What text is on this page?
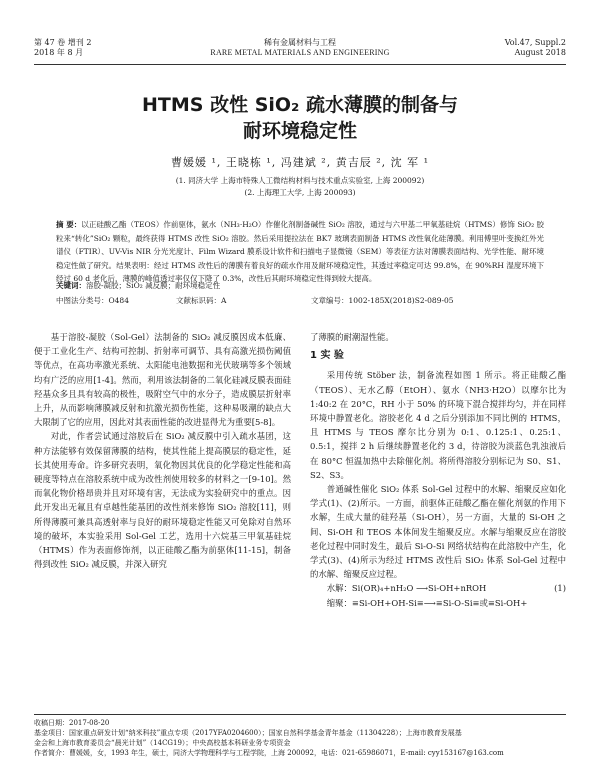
第 47 卷 增刊 2
2018 年 8 月
稀有金属材料与工程
RARE METAL MATERIALS AND ENGINEERING
Vol.47, Suppl.2
August 2018
HTMS 改性 SiO₂ 疏水薄膜的制备与
耐环境稳定性
曹媛媛 ¹, 王晓栋 ¹, 冯建斌 ², 黄吉辰 ², 沈 军 ¹
(1. 同济大学 上海市特殊人工微结构材料与技术重点实验室, 上海 200092)
(2. 上海理工大学, 上海 200093)
摘 要：以正硅酸乙酯（TEOS）作前驱体，氨水（NH₃·H₂O）作催化剂制备碱性 SiO₂ 溶胶，通过与六甲基二甲氧基硅烷（HTMS）修饰 SiO₂ 胶粒来“转化”SiO₂ 颗粒，最终获得 HTMS 改性 SiO₂ 溶胶。然后采用提拉法在 BK7 玻璃表面制备 HTMS 改性氧化硅薄膜。利用傅里叶变换红外光谱仪（FTIR）、UV-Vis NIR 分光光度计、Film Wizard 膜系设计软件和扫描电子显微镜（SEM）等表征方法对薄膜表面结构、光学性能、耐环境稳定性做了研究。结果表明：经过 HTMS 改性后的薄膜有着良好的疏水作用及耐环境稳定性，其透过率稳定可达 99.8%，在 90%RH 湿度环境下经过 60 d 老化后，薄膜的峰值透过率仅仅下降了 0.3%，改性后其耐环境稳定性得到较大提高。
关键词：溶胶-凝胶；SiO₂ 减反膜；耐环境稳定性
中图法分类号：O484	文献标识码：A	文章编号：1002-185X(2018)S2-089-05

基于溶胶-凝胶（Sol-Gel）法制备的 SiO₂ 减反膜因成本低廉、便于工业化生产、结构可控制、折射率可调节、具有高激光损伤阈值等优点，在高功率激光系统、太阳能电池数据和光伏玻璃等多个领域均有广泛的应用[1-4]。然而，利用该法制备的二氧化硅减反膜表面硅羟基众多且具有较高的极性，吸附空气中的水分子，造成膜层折射率上升，从而影响薄膜减反射和抗激光损伤性能，这种易吸潮的缺点大大限制了它的应用，因此对其表面性能的改进显得尤为重要[5-8]。

对此，作者尝试通过溶胶后在 SiO₂ 减反膜中引入疏水基团，这种方法能够有效保留薄膜的结构，使其性能上提高膜层的稳定性，延长其使用寿命。许多研究表明，氧化物因其优良的化学稳定性能和高硬度等特点在溶胶系统中成为改性剂使用较多的材料之一[9-10]。然而氧化物价格昂贵并且对环境有害，无法成为实验研究中的重点。因此开发出无氟且有卓越性能基团的改性剂来修饰 SiO₂ 溶胶[11]，则所得薄膜可兼具高透射率与良好的耐环境稳定性能又可免除对自然环境的破坏，本实验采用 Sol-Gel 工艺，选用十六烷基三甲氧基硅烷（HTMS）作为表面修饰剂，以正硅酸乙酯为前驱体[11-15]，制备得到改性 SiO₂ 减反膜，并深入研究

了薄膜的耐潮湿性能。

1 实 验

采用传统 Stöber 法，制备流程如图 1 所示。将正硅酸乙酯（TEOS）、无水乙醇（EtOH）、氨水（NH3·H2O）以摩尔比为 1:40:2 在 20°C，RH 小于 50% 的环境下混合搅拌均匀，并在同样环境中静置老化。溶胶老化 4 d 之后分别添加不同比例的 HTMS，且 HTMS 与 TEOS 摩尔比分别为 0:1、0.125:1、0.25:1、0.5:1，搅拌 2 h 后继续静置老化约 3 d，待溶胶为淡蓝色乳浊液后在 80°C 恒温加热中去除催化剂。将所得溶胶分别标记为 S0、S1、S2、S3。

普通碱性催化 SiO₂ 体系 Sol-Gel 过程中的水解、缩聚反应如化学式(1)、(2)所示。一方面，前驱体正硅酸乙酯在催化剂氨的作用下水解，生成大量的硅羟基（Si-OH），另一方面，大量的 Si-OH 之间、Si-OH 和 TEOS 本体间发生缩聚反应。水解与缩聚反应在溶胶老化过程中同时发生，最后 Si-O-Si 网络状结构在此溶胶中产生，化学式(3)、(4)所示为经过 HTMS 改性后 SiO₂ 体系 Sol-Gel 过程中的水解、缩聚反应过程。

水解：Si(OR)₄+nH₂O ⟶Si-OH+nROH	(1)
缩聚：≡Si-OH+OH-Si≡⟶≡Si-O-Si≡或≡Si-OH+
收稿日期：2017-08-20
基金项目：国家重点研发计划“纳米科技”重点专项（2017YFA0204600）；国家自然科学基金青年基金（11304228）；上海市教育发展基
金会和上海市教育委员会“晨光计划”（14CG19）；中央高校基本科研业务专项资金
作者简介：曹媛媛，女，1993 年生，硕士，同济大学物理科学与工程学院，上海 200092，电话：021-65986071，E-mail: cyy153167@163.com
